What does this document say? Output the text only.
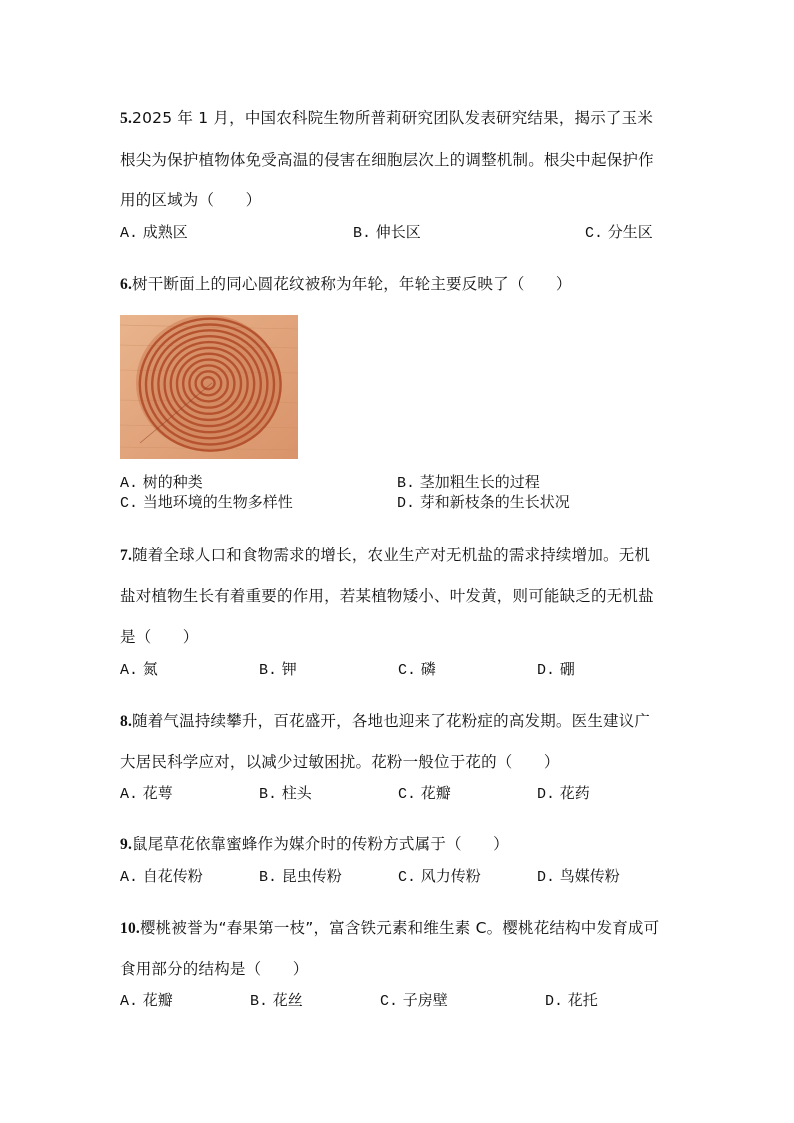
5.2025 年 1 月，中国农科院生物所普莉研究团队发表研究结果，揭示了玉米
根尖为保护植物体免受高温的侵害在细胞层次上的调整机制。根尖中起保护作
用的区域为（　　）
A. 成熟区	B. 伸长区	C. 分生区
6.树干断面上的同心圆花纹被称为年轮，年轮主要反映了（　　）
A. 树的种类	B. 茎加粗生长的过程
C. 当地环境的生物多样性	D. 芽和新枝条的生长状况
7.随着全球人口和食物需求的增长，农业生产对无机盐的需求持续增加。无机
盐对植物生长有着重要的作用，若某植物矮小、叶发黄，则可能缺乏的无机盐
是（　　）
A. 氮	B. 钾	C. 磷	D. 硼
8.随着气温持续攀升，百花盛开，各地也迎来了花粉症的高发期。医生建议广
大居民科学应对，以减少过敏困扰。花粉一般位于花的（　　）
A. 花萼	B. 柱头	C. 花瓣	D. 花药
9.鼠尾草花依靠蜜蜂作为媒介时的传粉方式属于（　　）
A. 自花传粉	B. 昆虫传粉	C. 风力传粉	D. 鸟媒传粉
10.樱桃被誉为“春果第一枝”，富含铁元素和维生素 C。樱桃花结构中发育成可
食用部分的结构是（　　）
A. 花瓣	B. 花丝	C. 子房壁	D. 花托
